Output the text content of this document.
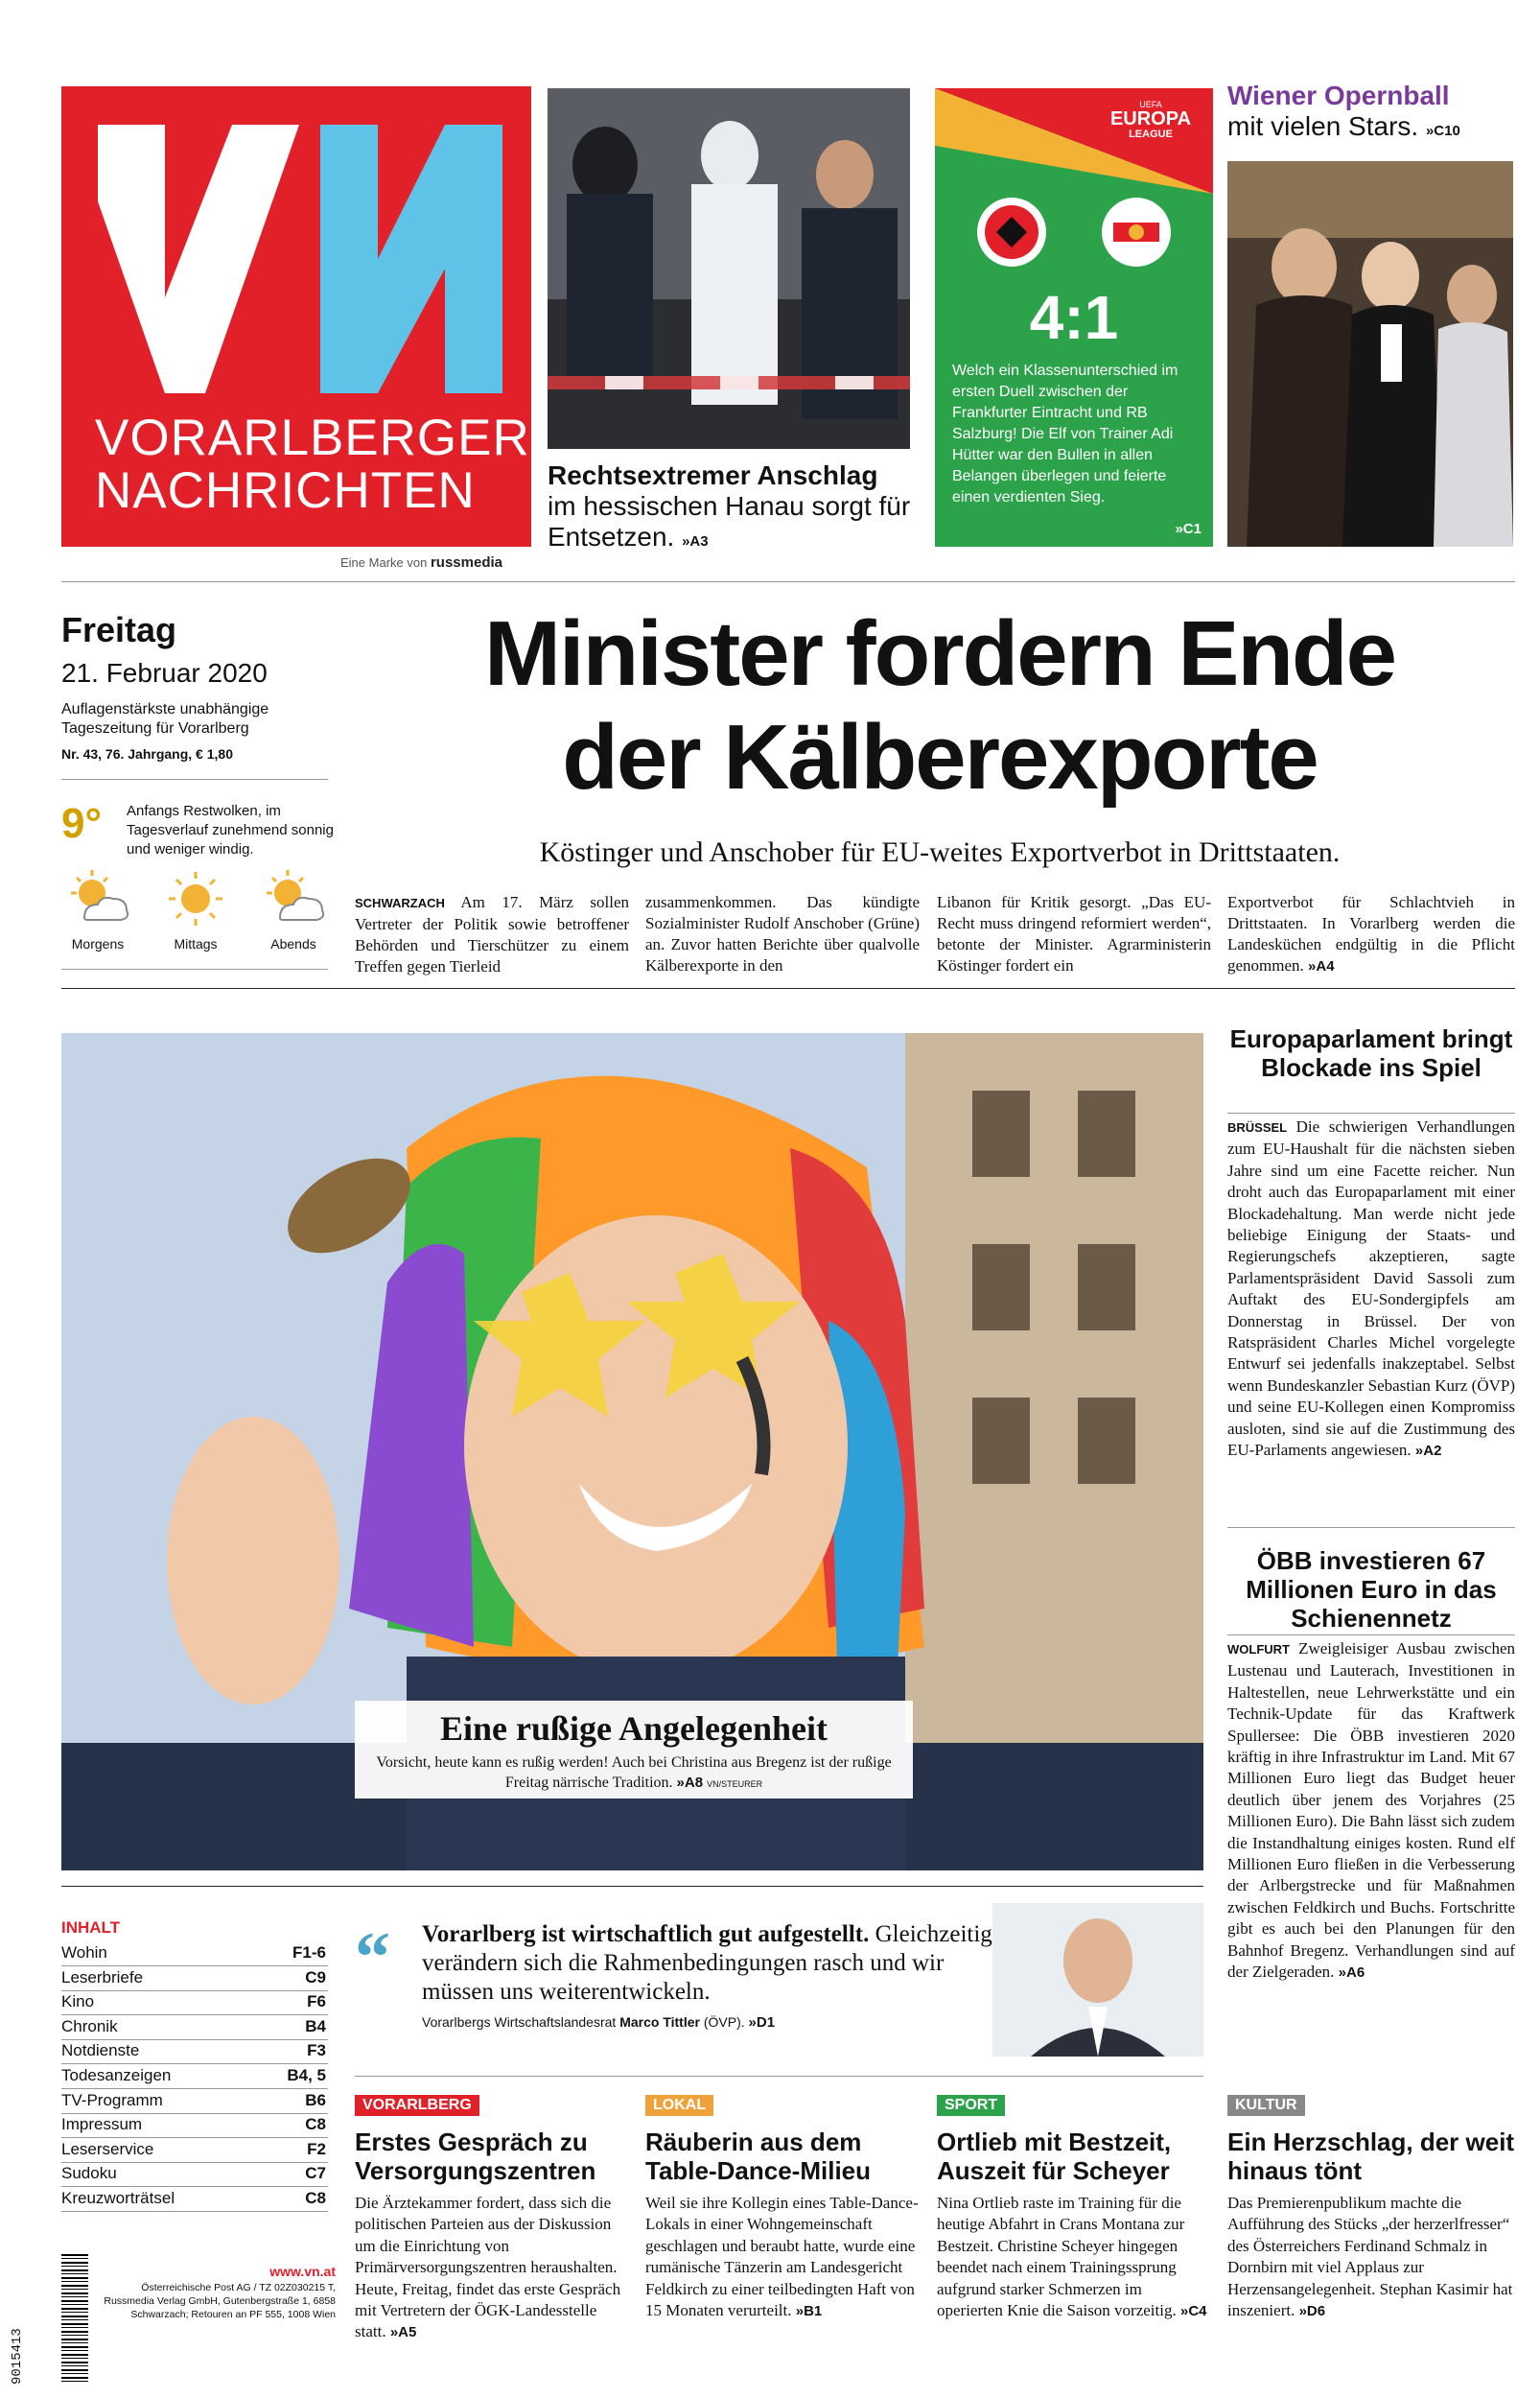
VORARLBERGER
NACHRICHTEN
Eine Marke von russmedia
Rechtsextremer Anschlag
im hessischen Hanau sorgt für Entsetzen. »A3
UEFA
EUROPA
LEAGUE
4:1
Welch ein Klassenunterschied im ersten Duell zwischen der Frankfurter Eintracht und RB Salzburg! Die Elf von Trainer Adi Hütter war den Bullen in allen Belangen überlegen und feierte einen verdienten Sieg.
»C1
Wiener Opernball
mit vielen Stars. »C10
Freitag
21. Februar 2020
Auflagenstärkste unabhängige Tageszeitung für Vorarlberg
Nr. 43, 76. Jahrgang, € 1,80
9° Anfangs Restwolken, im Tagesverlauf zunehmend sonnig und weniger windig.
Morgens	Mittags	Abends
Minister fordern Ende
der Kälberexporte
Köstinger und Anschober für EU-weites Exportverbot in Drittstaaten.
SCHWARZACH Am 17. März sollen Vertreter der Politik sowie betroffener Behörden und Tierschützer zu einem Treffen gegen Tierleid
zusammenkommen. Das kündigte Sozialminister Rudolf Anschober (Grüne) an. Zuvor hatten Berichte über qualvolle Kälberexporte in den
Libanon für Kritik gesorgt. „Das EU-Recht muss dringend reformiert werden“, betonte der Minister. Agrarministerin Köstinger fordert ein
Exportverbot für Schlachtvieh in Drittstaaten. In Vorarlberg werden die Landesküchen endgültig in die Pflicht genommen. »A4
Eine rußige Angelegenheit
Vorsicht, heute kann es rußig werden! Auch bei Christina aus Bregenz ist der rußige Freitag närrische Tradition. »A8 VN/STEURER
Europaparlament bringt Blockade ins Spiel
BRÜSSEL Die schwierigen Verhandlungen zum EU-Haushalt für die nächsten sieben Jahre sind um eine Facette reicher. Nun droht auch das Europaparlament mit einer Blockadehaltung. Man werde nicht jede beliebige Einigung der Staats- und Regierungschefs akzeptieren, sagte Parlamentspräsident David Sassoli zum Auftakt des EU-Sondergipfels am Donnerstag in Brüssel. Der von Ratspräsident Charles Michel vorgelegte Entwurf sei jedenfalls inakzeptabel. Selbst wenn Bundeskanzler Sebastian Kurz (ÖVP) und seine EU-Kollegen einen Kompromiss ausloten, sind sie auf die Zustimmung des EU-Parlaments angewiesen. »A2
ÖBB investieren 67 Millionen Euro in das Schienennetz
WOLFURT Zweigleisiger Ausbau zwischen Lustenau und Lauterach, Investitionen in Haltestellen, neue Lehrwerkstätte und ein Technik-Update für das Kraftwerk Spullersee: Die ÖBB investieren 2020 kräftig in ihre Infrastruktur im Land. Mit 67 Millionen Euro liegt das Budget heuer deutlich über jenem des Vorjahres (25 Millionen Euro). Die Bahn lässt sich zudem die Instandhaltung einiges kosten. Rund elf Millionen Euro fließen in die Verbesserung der Arlbergstrecke und für Maßnahmen zwischen Feldkirch und Buchs. Fortschritte gibt es auch bei den Planungen für den Bahnhof Bregenz. Verhandlungen sind auf der Zielgeraden. »A6
INHALT
Wohin	F1-6
Leserbriefe	C9
Kino	F6
Chronik	B4
Notdienste	F3
Todesanzeigen	B4, 5
TV-Programm	B6
Impressum	C8
Leserservice	F2
Sudoku	C7
Kreuzworträtsel	C8
9015413
www.vn.at
Österreichische Post AG / TZ 02Z030215 T, Russmedia Verlag GmbH, Gutenbergstraße 1, 6858 Schwarzach; Retouren an PF 555, 1008 Wien
“ Vorarlberg ist wirtschaftlich gut aufgestellt. Gleichzeitig verändern sich die Rahmenbedingungen rasch und wir müssen uns weiterentwickeln.
Vorarlbergs Wirtschaftslandesrat Marco Tittler (ÖVP). »D1
VORARLBERG
Erstes Gespräch zu Versorgungszentren
Die Ärztekammer fordert, dass sich die politischen Parteien aus der Diskussion um die Einrichtung von Primärversorgungszentren heraushalten. Heute, Freitag, findet das erste Gespräch mit Vertretern der ÖGK-Landesstelle statt. »A5
LOKAL
Räuberin aus dem Table-Dance-Milieu
Weil sie ihre Kollegin eines Table-Dance-Lokals in einer Wohngemeinschaft geschlagen und beraubt hatte, wurde eine rumänische Tänzerin am Landesgericht Feldkirch zu einer teilbedingten Haft von 15 Monaten verurteilt. »B1
SPORT
Ortlieb mit Bestzeit, Auszeit für Scheyer
Nina Ortlieb raste im Training für die heutige Abfahrt in Crans Montana zur Bestzeit. Christine Scheyer hingegen beendet nach einem Trainingssprung aufgrund starker Schmerzen im operierten Knie die Saison vorzeitig. »C4
KULTUR
Ein Herzschlag, der weit hinaus tönt
Das Premierenpublikum machte die Aufführung des Stücks „der herzerlfresser“ des Österreichers Ferdinand Schmalz in Dornbirn mit viel Applaus zur Herzensangelegenheit. Stephan Kasimir hat inszeniert. »D6
